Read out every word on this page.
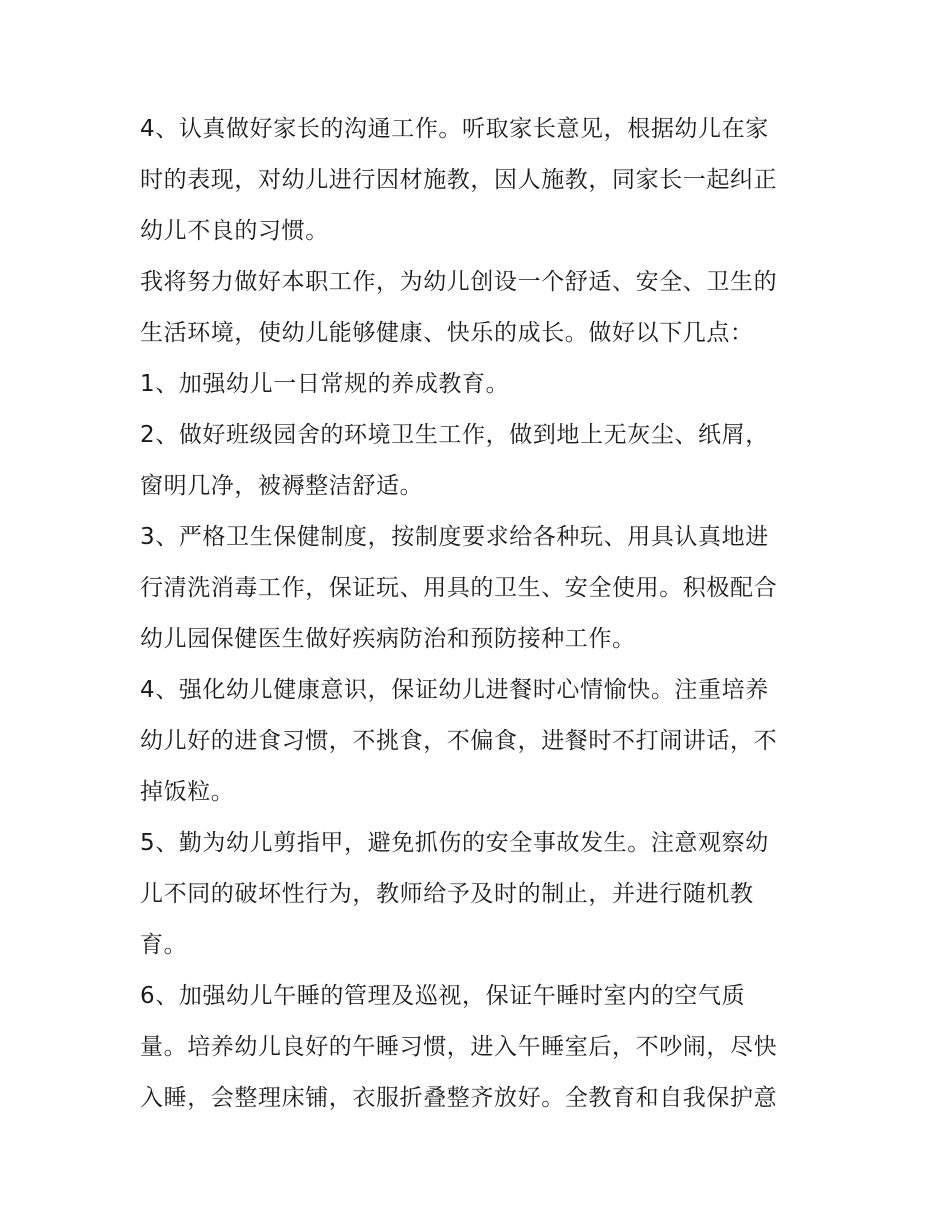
4、认真做好家长的沟通工作。听取家长意见，根据幼儿在家
时的表现，对幼儿进行因材施教，因人施教，同家长一起纠正
幼儿不良的习惯。
我将努力做好本职工作，为幼儿创设一个舒适、安全、卫生的
生活环境，使幼儿能够健康、快乐的成长。做好以下几点：
1、加强幼儿一日常规的养成教育。
2、做好班级园舍的环境卫生工作，做到地上无灰尘、纸屑，
窗明几净，被褥整洁舒适。
3、严格卫生保健制度，按制度要求给各种玩、用具认真地进
行清洗消毒工作，保证玩、用具的卫生、安全使用。积极配合
幼儿园保健医生做好疾病防治和预防接种工作。
4、强化幼儿健康意识，保证幼儿进餐时心情愉快。注重培养
幼儿好的进食习惯，不挑食，不偏食，进餐时不打闹讲话，不
掉饭粒。
5、勤为幼儿剪指甲，避免抓伤的安全事故发生。注意观察幼
儿不同的破坏性行为，教师给予及时的制止，并进行随机教
育。
6、加强幼儿午睡的管理及巡视，保证午睡时室内的空气质
量。培养幼儿良好的午睡习惯，进入午睡室后，不吵闹，尽快
入睡，会整理床铺，衣服折叠整齐放好。全教育和自我保护意
